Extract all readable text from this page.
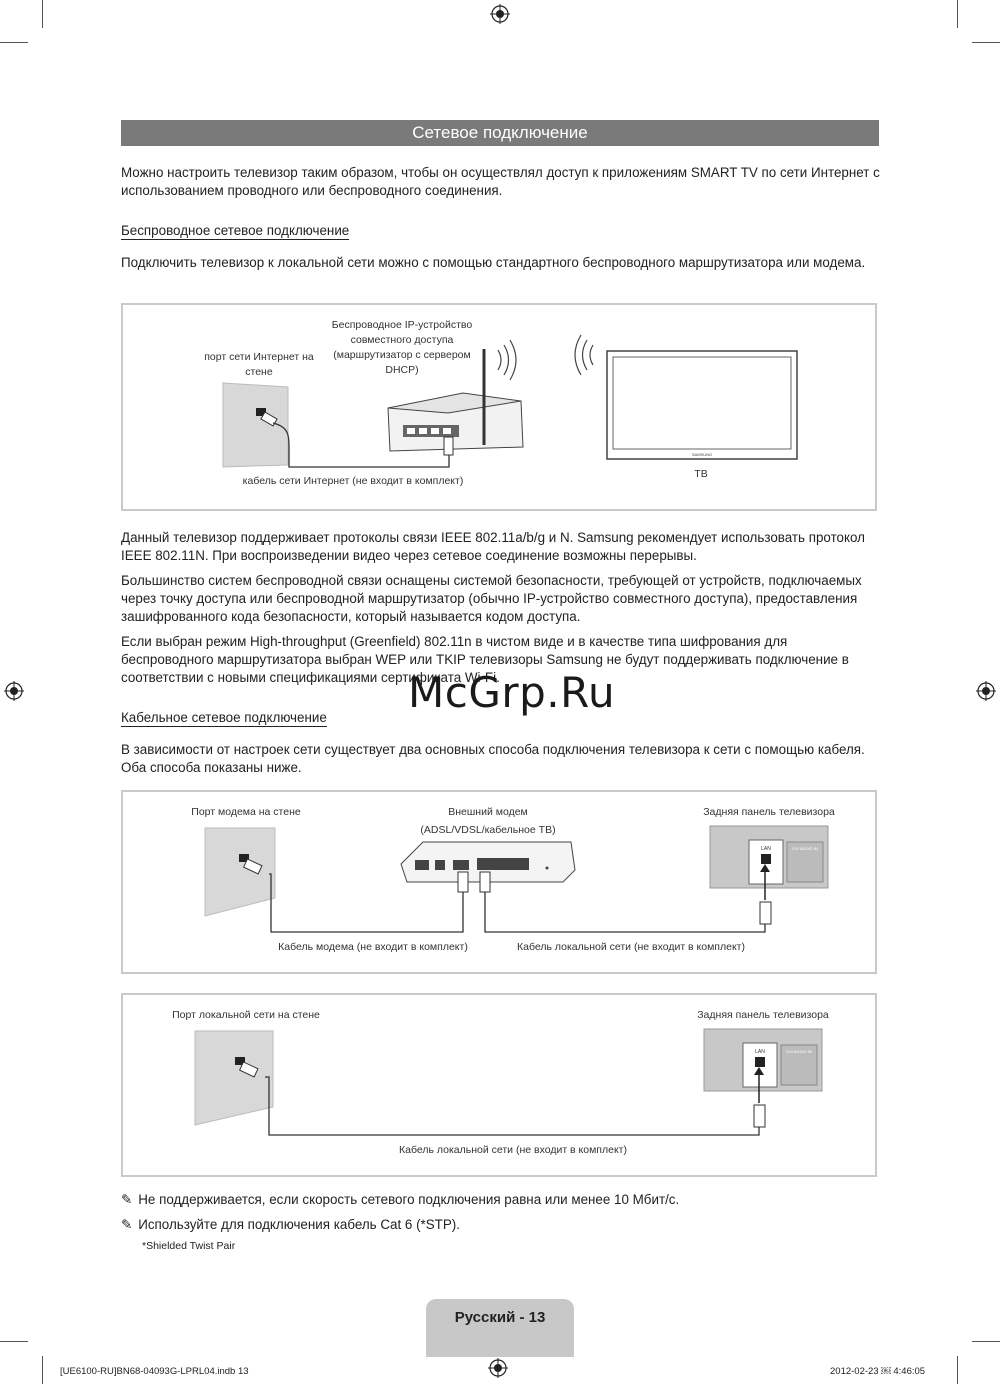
Сетевое подключение

Можно настроить телевизор таким образом, чтобы он осуществлял доступ к приложениям SMART TV по сети Интернет с использованием проводного или беспроводного соединения.

Беспроводное сетевое подключение

Подключить телевизор к локальной сети можно с помощью стандартного беспроводного маршрутизатора или модема.

порт сети Интернет на стене
Беспроводное IP-устройство совместного доступа (маршрутизатор с сервером DHCP)
кабель сети Интернет (не входит в комплект)
ТВ
SAMSUNG

Данный телевизор поддерживает протоколы связи IEEE 802.11a/b/g и N. Samsung рекомендует использовать протокол IEEE 802.11N. При воспроизведении видео через сетевое соединение возможны перерывы.

Большинство систем беспроводной связи оснащены системой безопасности, требующей от устройств, подключаемых через точку доступа или беспроводной маршрутизатор (обычно IP-устройство совместного доступа), предоставления зашифрованного кода безопасности, который называется кодом доступа.

Если выбран режим High-throughput (Greenfield) 802.11n в чистом виде и в качестве типа шифрования для беспроводного маршрутизатора выбран WEP или TKIP телевизоры Samsung не будут поддерживать подключение в соответствии с новыми спецификациями сертификата Wi-Fi.

McGrp.Ru
Кабельное сетевое подключение

В зависимости от настроек сети существует два основных способа подключения телевизора к сети с помощью кабеля. Оба способа показаны ниже.

Порт модема на стене	Внешний модем
(ADSL/VDSL/кабельное ТВ)
Задняя панель телевизора
Кабель модема (не входит в комплект)	Кабель локальной сети (не входит в комплект)
LAN	DVI AUDIO IN
Порт локальной сети на стене	Задняя панель телевизора
Кабель локальной сети (не входит в комплект)
LAN	DVI AUDIO IN
✎ Не поддерживается, если скорость сетевого подключения равна или менее 10 Мбит/с.
✎ Используйте для подключения кабель Cat 6 (*STP).
*Shielded Twist Pair
Русский - 13
[UE6100-RU]BN68-04093G-LPRL04.indb 13	2012-02-23 ￼ 4:46:05
